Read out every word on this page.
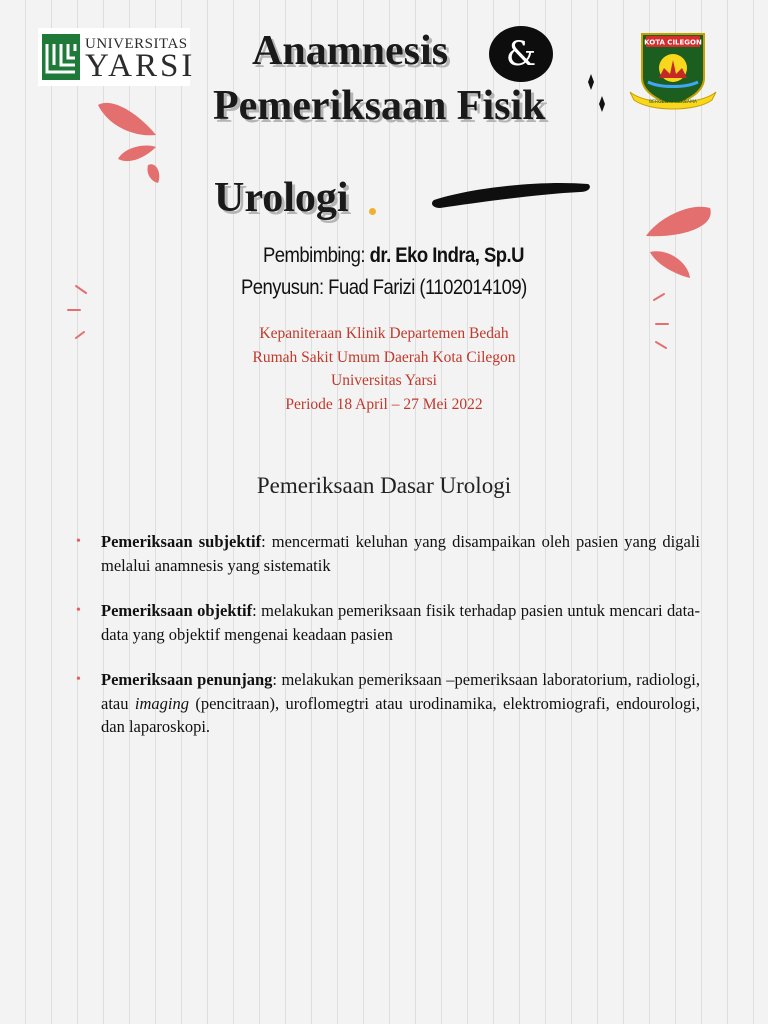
UNIVERSITAS
YARSI
KOTA CILEGON
BERGERAK BERSAMA
Anamnesis	&
Pemeriksaan Fisik
Urologi
Pembimbing: dr. Eko Indra, Sp.U
Penyusun: Fuad Farizi (1102014109)
Kepaniteraan Klinik Departemen Bedah
Rumah Sakit Umum Daerah Kota Cilegon
Universitas Yarsi
Periode 18 April – 27 Mei 2022
Pemeriksaan Dasar Urologi
• Pemeriksaan subjektif: mencermati keluhan yang disampaikan oleh pasien yang digali melalui anamnesis yang sistematik
• Pemeriksaan objektif: melakukan pemeriksaan fisik terhadap pasien untuk mencari data-data yang objektif mengenai keadaan pasien
• Pemeriksaan penunjang: melakukan pemeriksaan –pemeriksaan laboratorium, radiologi, atau imaging (pencitraan), uroflomegtri atau urodinamika, elektromiografi, endourologi, dan laparoskopi.
